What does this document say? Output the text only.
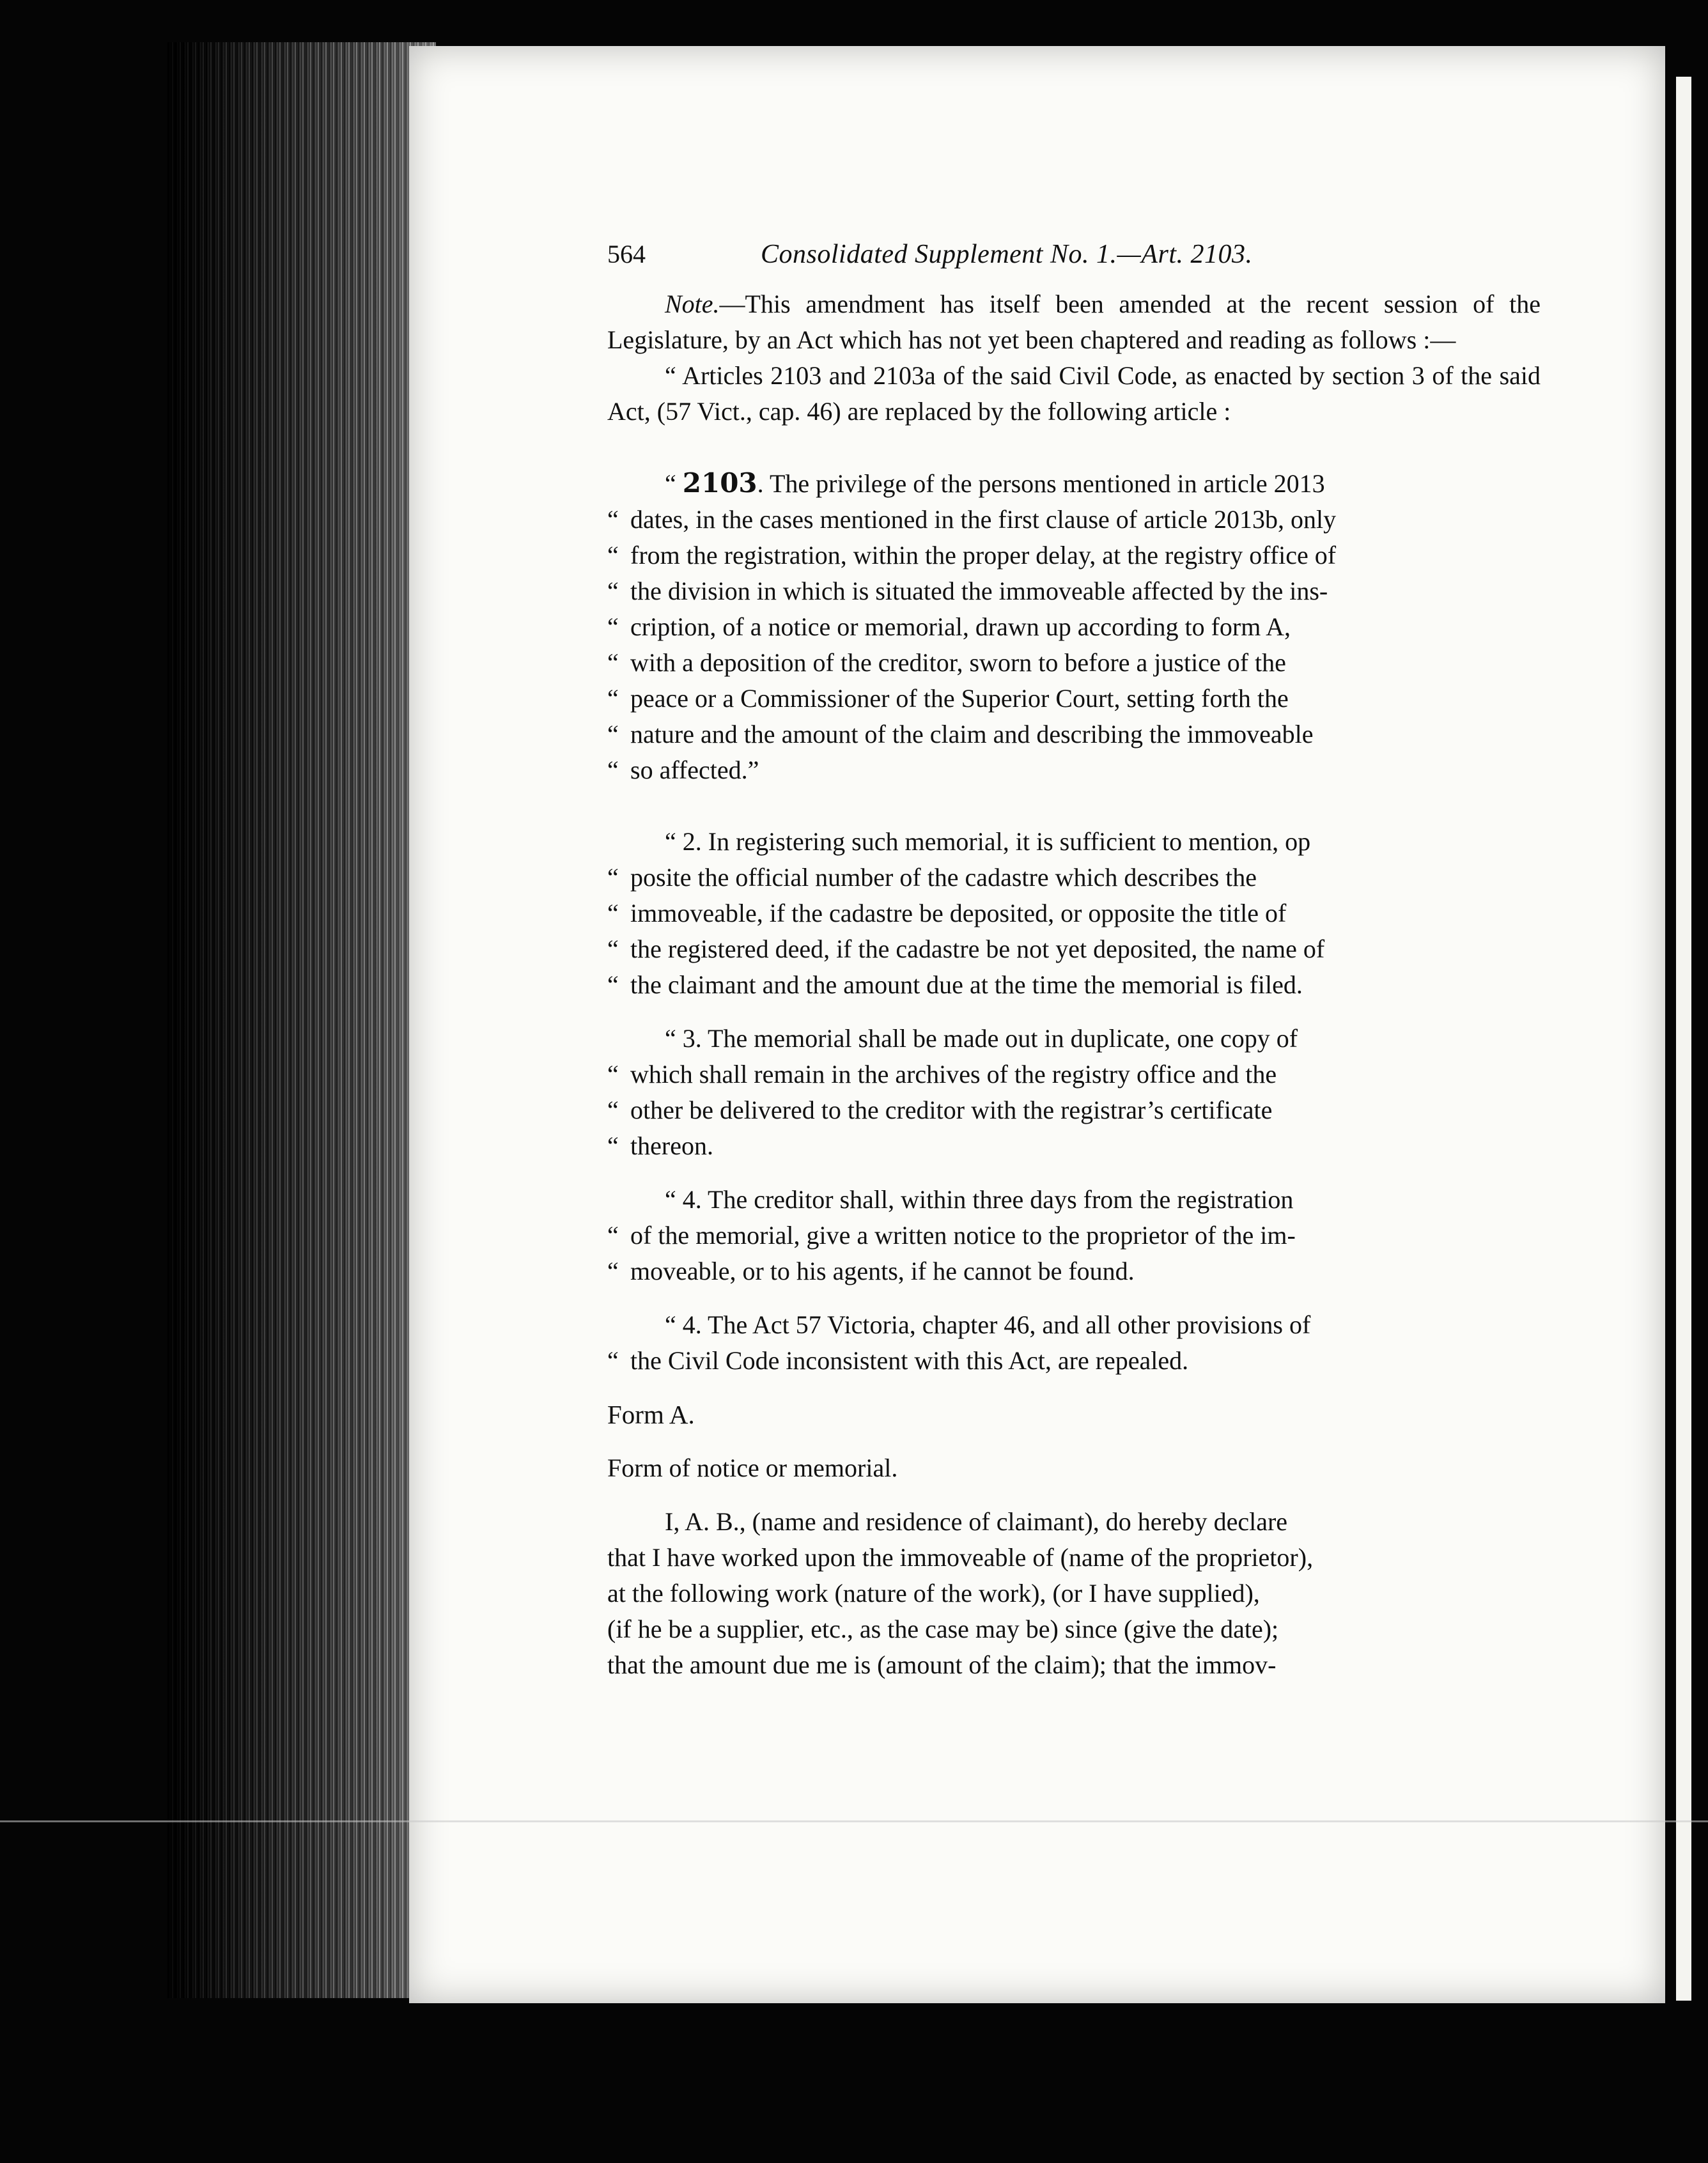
564	Consolidated Supplement No. 1.—Art. 2103.

Note.—This amendment has itself been amended at the recent session of the Legislature, by an Act which has not yet been chaptered and reading as follows :—

“ Articles 2103 and 2103a of the said Civil Code, as enacted by section 3 of the said Act, (57 Vict., cap. 46) are replaced by the following article :

“ 2103. The privilege of the persons mentioned in article 2013
“ dates, in the cases mentioned in the first clause of article 2013b, only
“ from the registration, within the proper delay, at the registry office of
“ the division in which is situated the immoveable affected by the ins-
“ cription, of a notice or memorial, drawn up according to form A,
“ with a deposition of the creditor, sworn to before a justice of the
“ peace or a Commissioner of the Superior Court, setting forth the
“ nature and the amount of the claim and describing the immoveable
“ so affected.”
“ 2. In registering such memorial, it is sufficient to mention, op
“ posite the official number of the cadastre which describes the
“ immoveable, if the cadastre be deposited, or opposite the title of
“ the registered deed, if the cadastre be not yet deposited, the name of
“ the claimant and the amount due at the time the memorial is filed.
“ 3. The memorial shall be made out in duplicate, one copy of
“ which shall remain in the archives of the registry office and the
“ other be delivered to the creditor with the registrar’s certificate
“ thereon.
“ 4. The creditor shall, within three days from the registration
“ of the memorial, give a written notice to the proprietor of the im-
“ moveable, or to his agents, if he cannot be found.
“ 4. The Act 57 Victoria, chapter 46, and all other provisions of
“ the Civil Code inconsistent with this Act, are repealed.

Form A.

Form of notice or memorial.

I, A. B., (name and residence of claimant), do hereby declare
that I have worked upon the immoveable of (name of the proprietor),
at the following work (nature of the work), (or I have supplied),
(if he be a supplier, etc., as the case may be) since (give the date);
that the amount due me is (amount of the claim); that the immov-
